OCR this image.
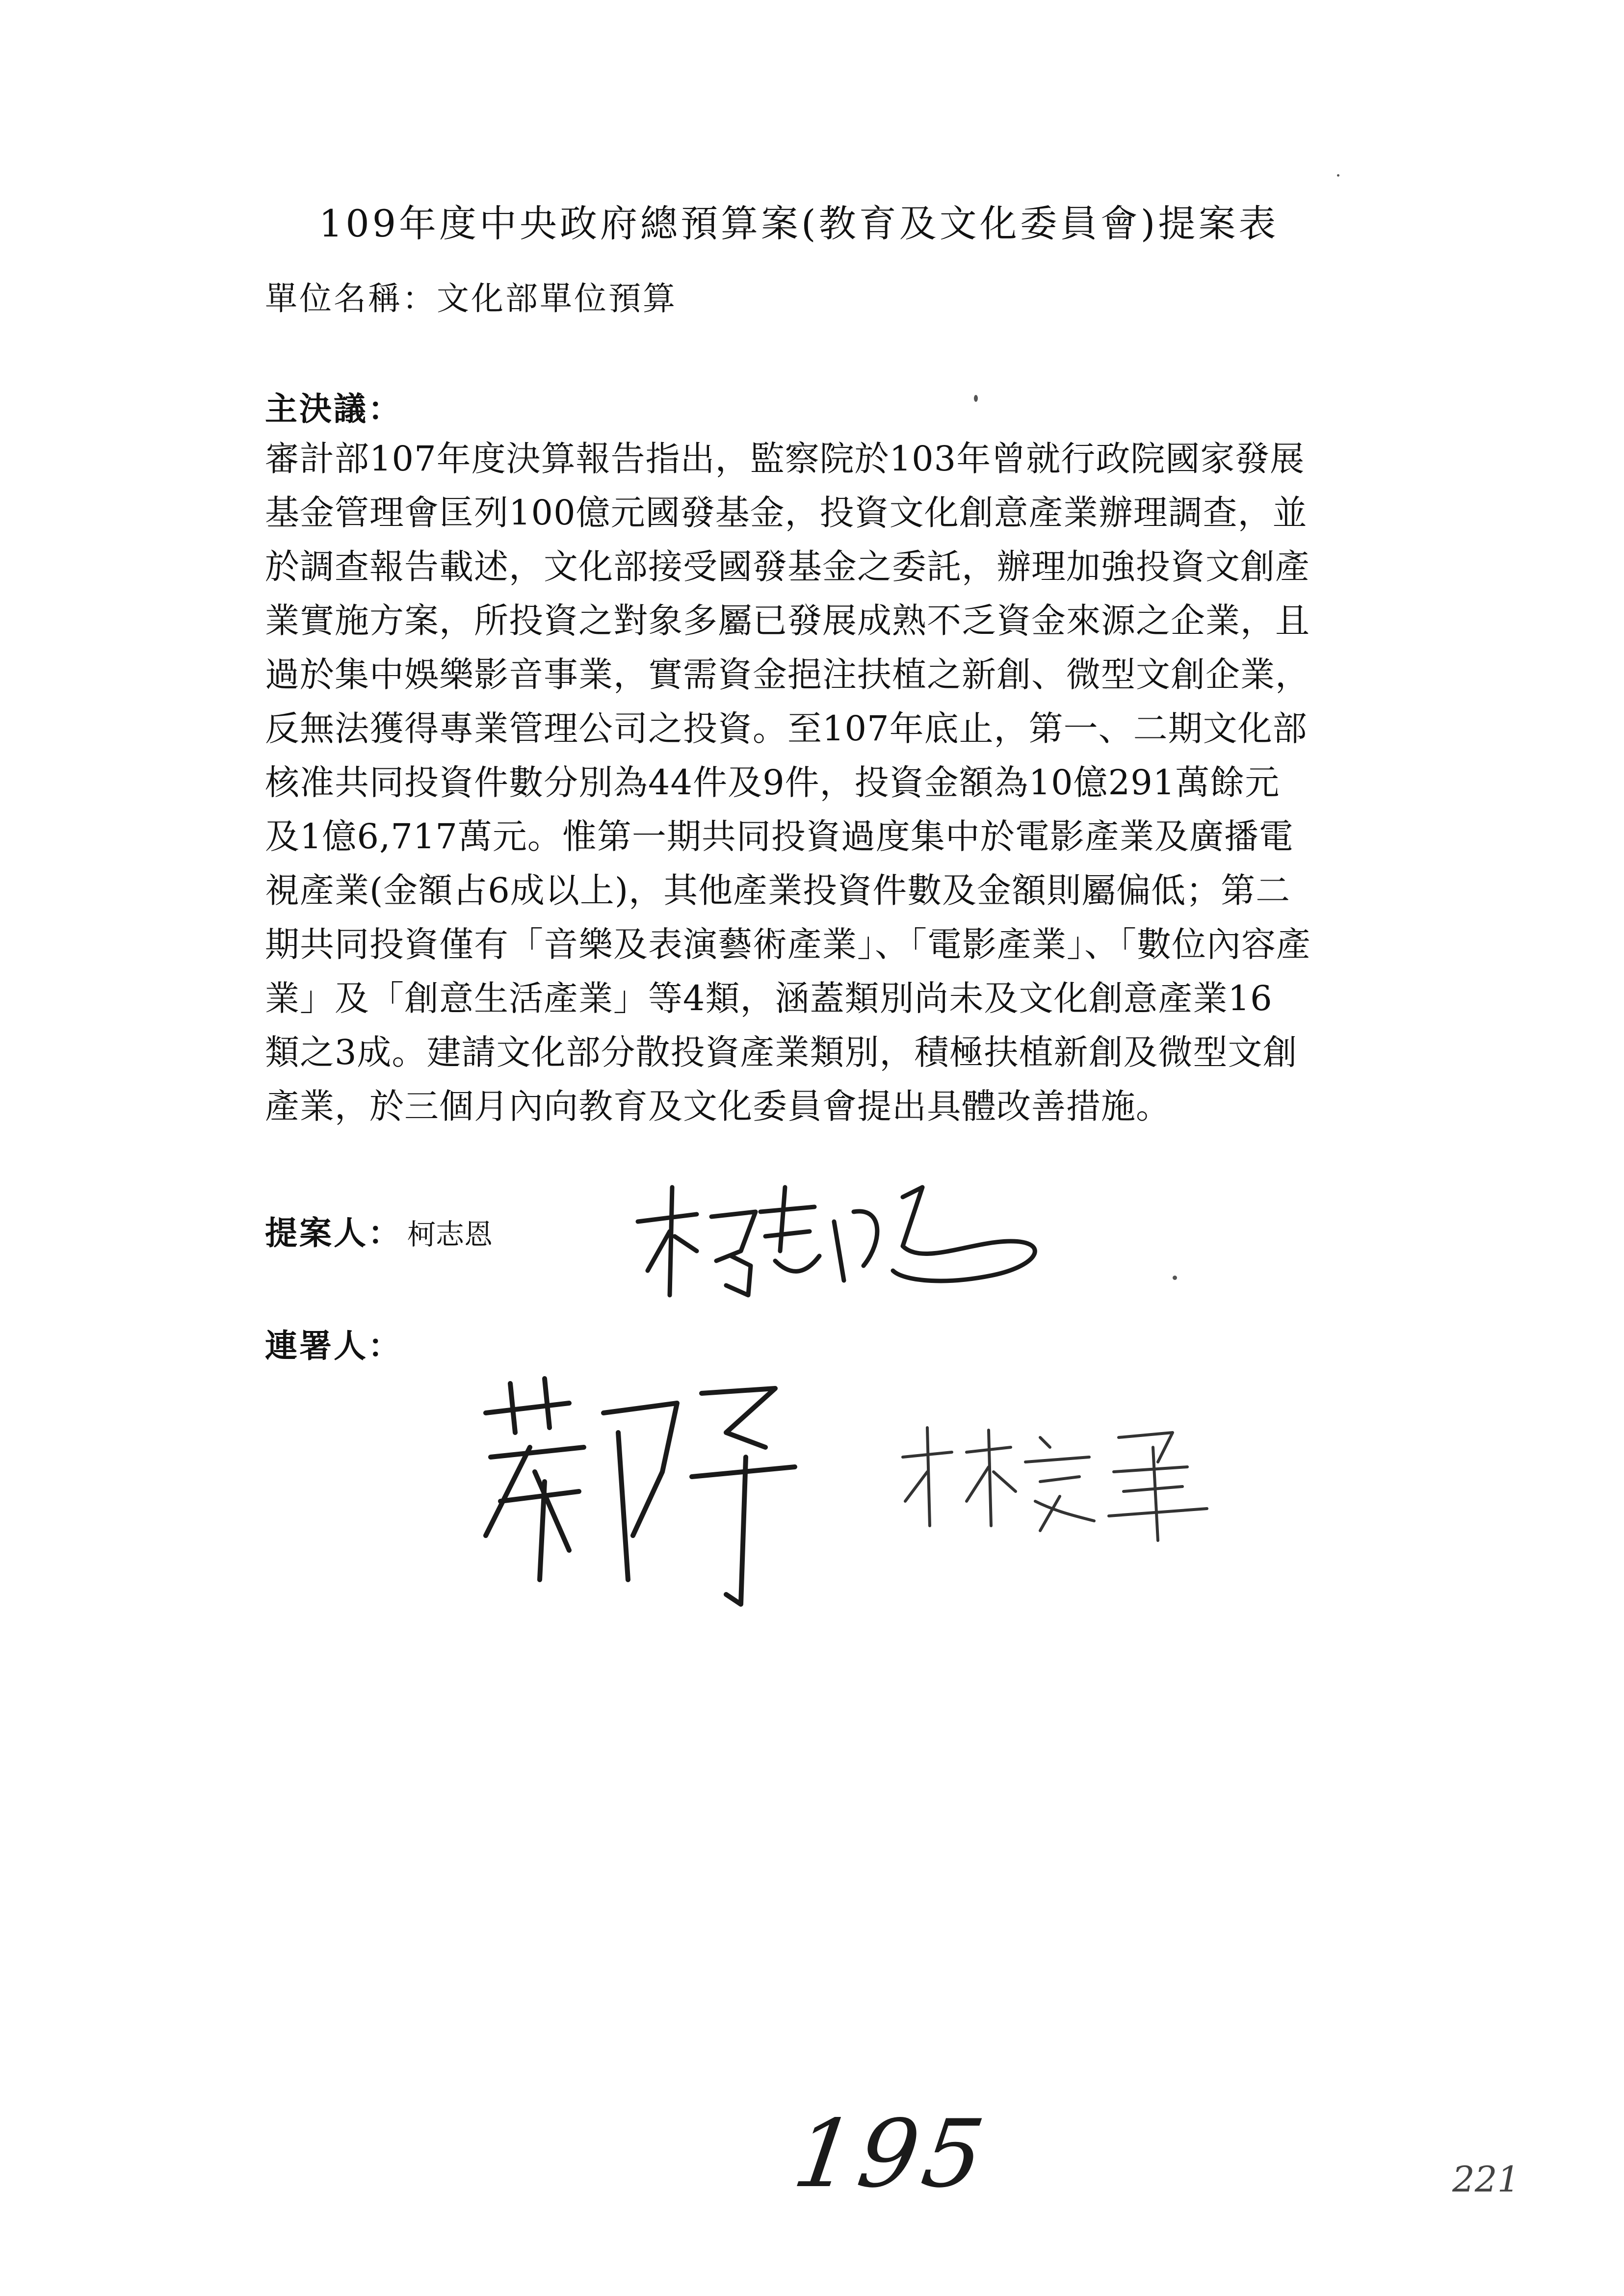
109年度中央政府總預算案(教育及文化委員會)提案表
單位名稱：文化部單位預算
主決議：
審計部107年度決算報告指出，監察院於103年曾就行政院國家發展
基金管理會匡列100億元國發基金，投資文化創意產業辦理調查，並
於調查報告載述，文化部接受國發基金之委託，辦理加強投資文創產
業實施方案，所投資之對象多屬已發展成熟不乏資金來源之企業，且
過於集中娛樂影音事業，實需資金挹注扶植之新創、微型文創企業，
反無法獲得專業管理公司之投資。至107年底止，第一、二期文化部
核准共同投資件數分別為44件及9件，投資金額為10億291萬餘元
及1億6,717萬元。惟第一期共同投資過度集中於電影產業及廣播電
視產業(金額占6成以上)，其他產業投資件數及金額則屬偏低；第二
期共同投資僅有「音樂及表演藝術產業」、「電影產業」、「數位內容產
業」及「創意生活產業」等4類，涵蓋類別尚未及文化創意產業16
類之3成。建請文化部分散投資產業類別，積極扶植新創及微型文創
產業，於三個月內向教育及文化委員會提出具體改善措施。
提案人： 柯志恩
連署人：
195	221
